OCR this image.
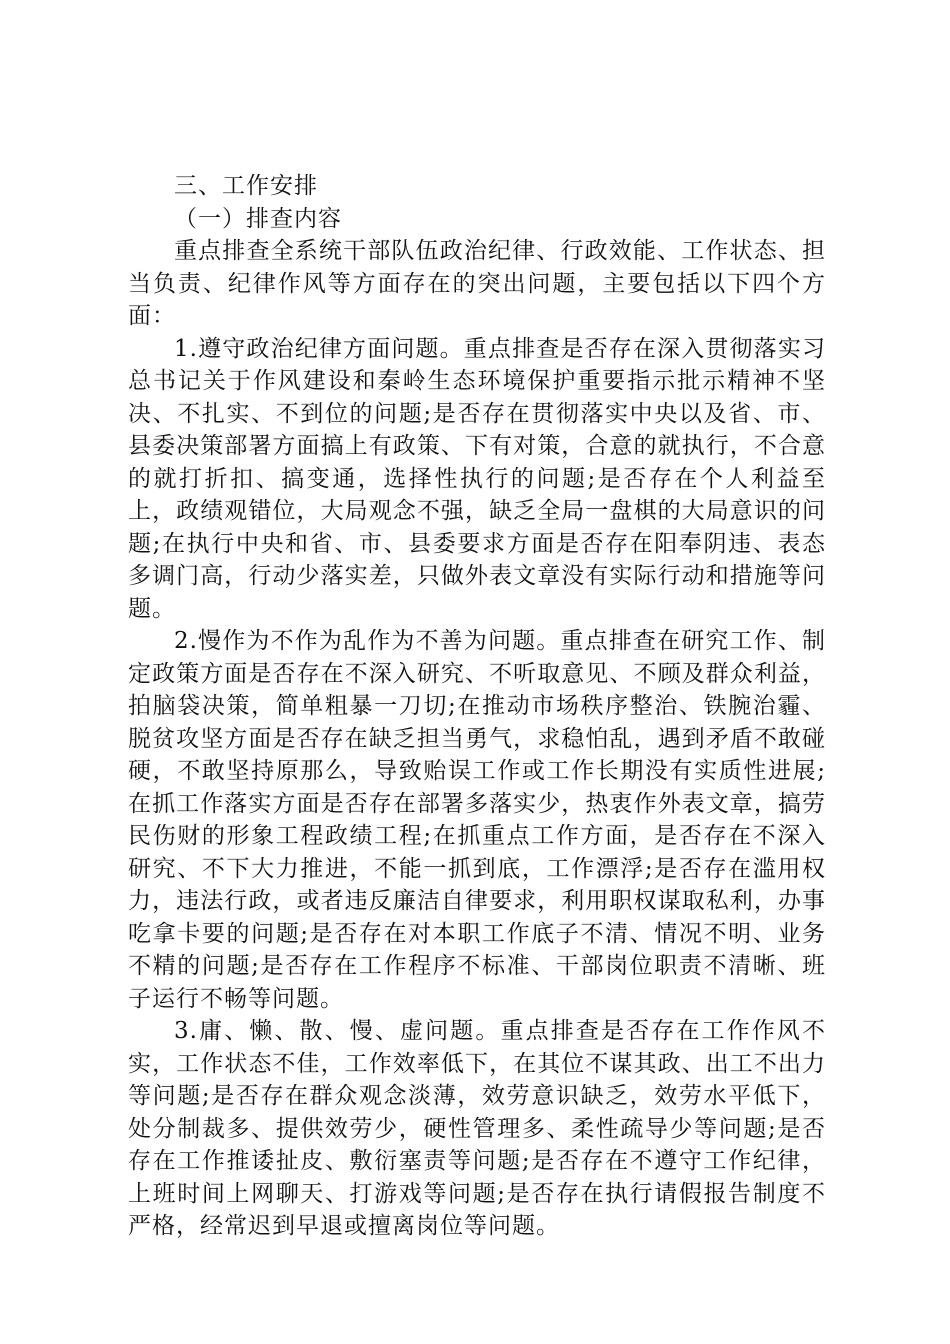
三、工作安排

（一）排查内容

重点排查全系统干部队伍政治纪律、行政效能、工作状态、担当负责、纪律作风等方面存在的突出问题，主要包括以下四个方面：

1.遵守政治纪律方面问题。重点排查是否存在深入贯彻落实习总书记关于作风建设和秦岭生态环境保护重要指示批示精神不坚决、不扎实、不到位的问题;是否存在贯彻落实中央以及省、市、县委决策部署方面搞上有政策、下有对策，合意的就执行，不合意的就打折扣、搞变通，选择性执行的问题;是否存在个人利益至上，政绩观错位，大局观念不强，缺乏全局一盘棋的大局意识的问题;在执行中央和省、市、县委要求方面是否存在阳奉阴违、表态多调门高，行动少落实差，只做外表文章没有实际行动和措施等问题。

2.慢作为不作为乱作为不善为问题。重点排查在研究工作、制定政策方面是否存在不深入研究、不听取意见、不顾及群众利益，拍脑袋决策，简单粗暴一刀切;在推动市场秩序整治、铁腕治霾、脱贫攻坚方面是否存在缺乏担当勇气，求稳怕乱，遇到矛盾不敢碰硬，不敢坚持原那么，导致贻误工作或工作长期没有实质性进展;在抓工作落实方面是否存在部署多落实少，热衷作外表文章，搞劳民伤财的形象工程政绩工程;在抓重点工作方面，是否存在不深入研究、不下大力推进，不能一抓到底，工作漂浮;是否存在滥用权力，违法行政，或者违反廉洁自律要求，利用职权谋取私利，办事吃拿卡要的问题;是否存在对本职工作底子不清、情况不明、业务不精的问题;是否存在工作程序不标准、干部岗位职责不清晰、班子运行不畅等问题。

3.庸、懒、散、慢、虚问题。重点排查是否存在工作作风不实，工作状态不佳，工作效率低下，在其位不谋其政、出工不出力等问题;是否存在群众观念淡薄，效劳意识缺乏，效劳水平低下，处分制裁多、提供效劳少，硬性管理多、柔性疏导少等问题;是否存在工作推诿扯皮、敷衍塞责等问题;是否存在不遵守工作纪律，上班时间上网聊天、打游戏等问题;是否存在执行请假报告制度不严格，经常迟到早退或擅离岗位等问题。
